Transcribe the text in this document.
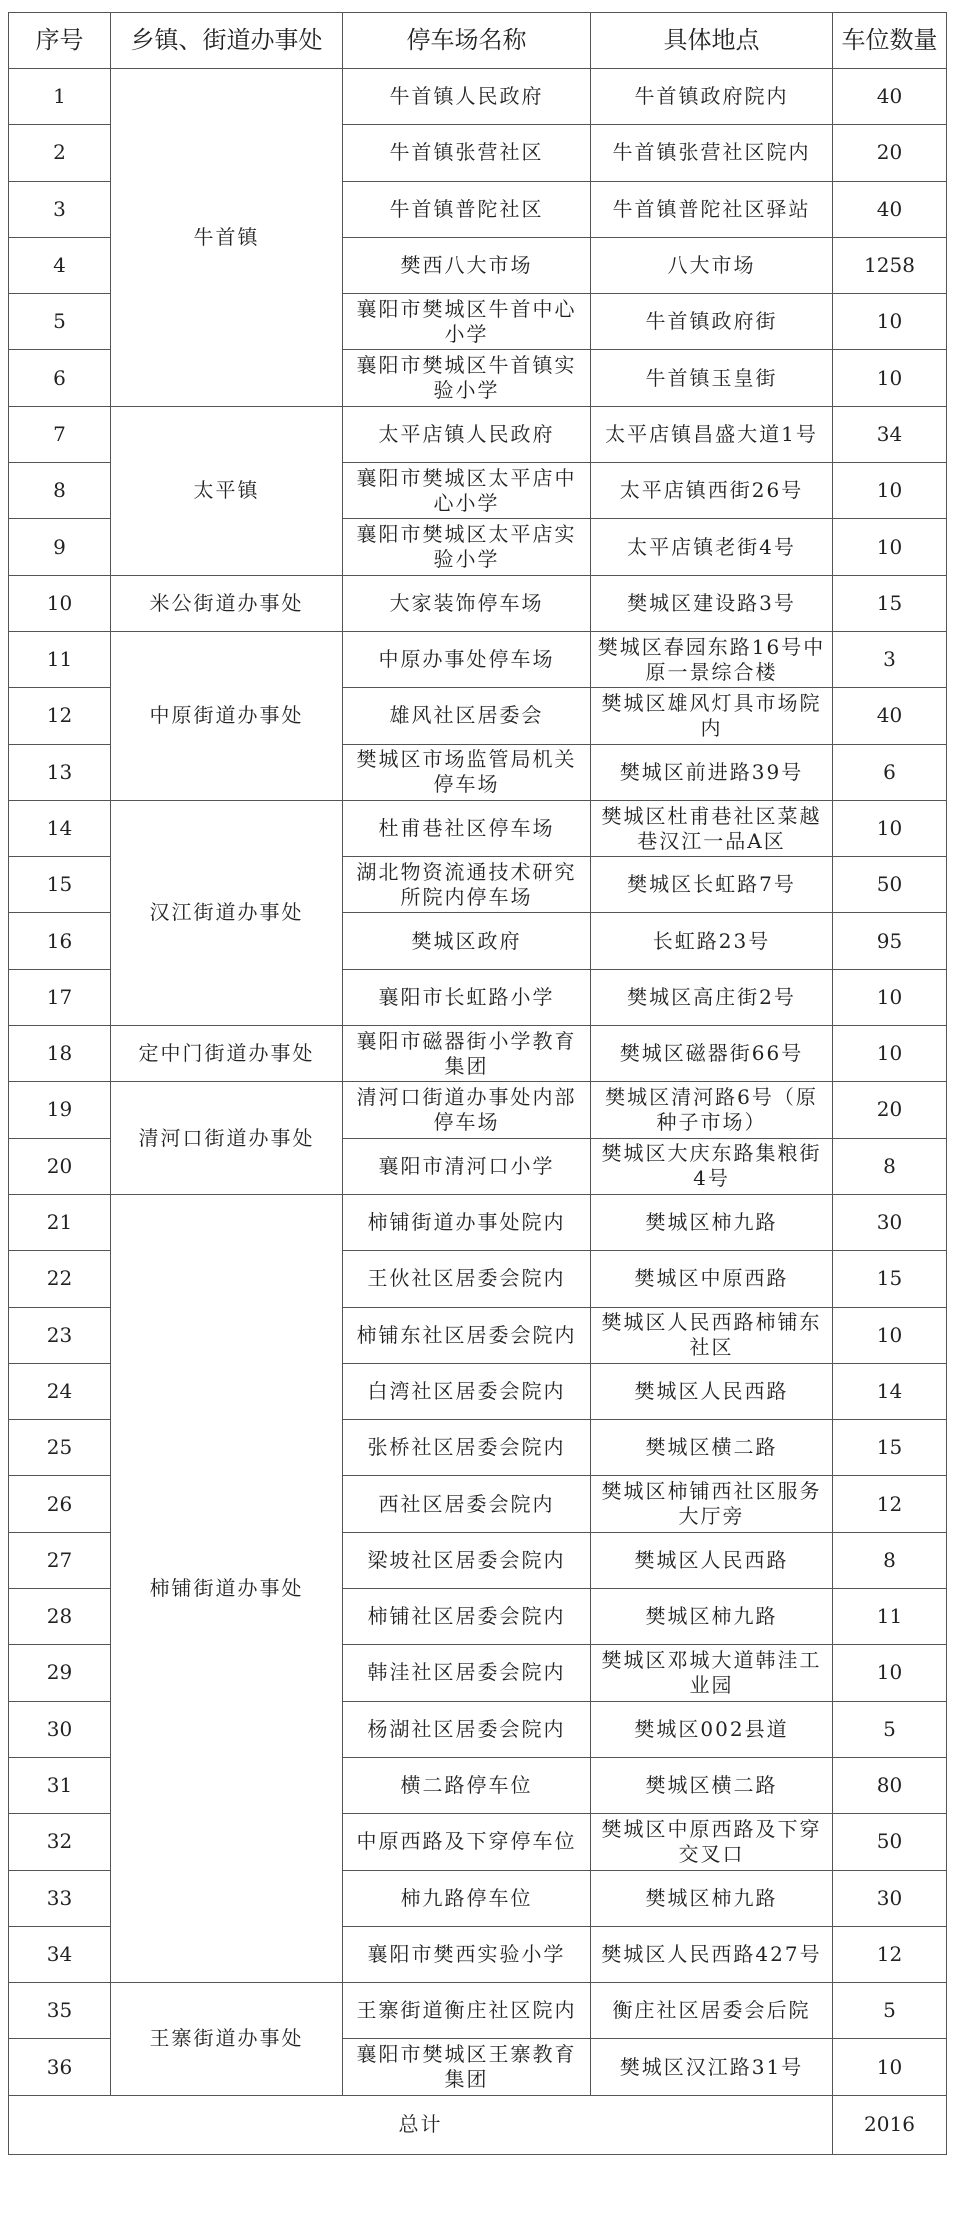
序号	乡镇、街道办事处	停车场名称	具体地点	车位数量
1	牛首镇	牛首镇人民政府	牛首镇政府院内	40
2		牛首镇张营社区	牛首镇张营社区院内	20
3		牛首镇普陀社区	牛首镇普陀社区驿站	40
4		樊西八大市场	八大市场	1258
5		襄阳市樊城区牛首中心小学	牛首镇政府街	10
6		襄阳市樊城区牛首镇实验小学	牛首镇玉皇街	10
7	太平镇	太平店镇人民政府	太平店镇昌盛大道1号	34
8		襄阳市樊城区太平店中心小学	太平店镇西街26号	10
9		襄阳市樊城区太平店实验小学	太平店镇老街4号	10
10	米公街道办事处	大家装饰停车场	樊城区建设路3号	15
11	中原街道办事处	中原办事处停车场	樊城区春园东路16号中原一景综合楼	3
12		雄风社区居委会	樊城区雄风灯具市场院内	40
13		樊城区市场监管局机关停车场	樊城区前进路39号	6
14	汉江街道办事处	杜甫巷社区停车场	樊城区杜甫巷社区菜越巷汉江一品A区	10
15		湖北物资流通技术研究所院内停车场	樊城区长虹路7号	50
16		樊城区政府	长虹路23号	95
17		襄阳市长虹路小学	樊城区高庄街2号	10
18	定中门街道办事处	襄阳市磁器街小学教育集团	樊城区磁器街66号	10
19	清河口街道办事处	清河口街道办事处内部停车场	樊城区清河路6号（原种子市场）	20
20		襄阳市清河口小学	樊城区大庆东路集粮街4号	8
21	柿铺街道办事处	柿铺街道办事处院内	樊城区柿九路	30
22		王伙社区居委会院内	樊城区中原西路	15
23		柿铺东社区居委会院内	樊城区人民西路柿铺东社区	10
24		白湾社区居委会院内	樊城区人民西路	14
25		张桥社区居委会院内	樊城区横二路	15
26		西社区居委会院内	樊城区柿铺西社区服务大厅旁	12
27		梁坡社区居委会院内	樊城区人民西路	8
28		柿铺社区居委会院内	樊城区柿九路	11
29		韩洼社区居委会院内	樊城区邓城大道韩洼工业园	10
30		杨湖社区居委会院内	樊城区002县道	5
31		横二路停车位	樊城区横二路	80
32		中原西路及下穿停车位	樊城区中原西路及下穿交叉口	50
33		柿九路停车位	樊城区柿九路	30
34		襄阳市樊西实验小学	樊城区人民西路427号	12
35	王寨街道办事处	王寨街道衡庄社区院内	衡庄社区居委会后院	5
36		襄阳市樊城区王寨教育集团	樊城区汉江路31号	10
总计				2016
